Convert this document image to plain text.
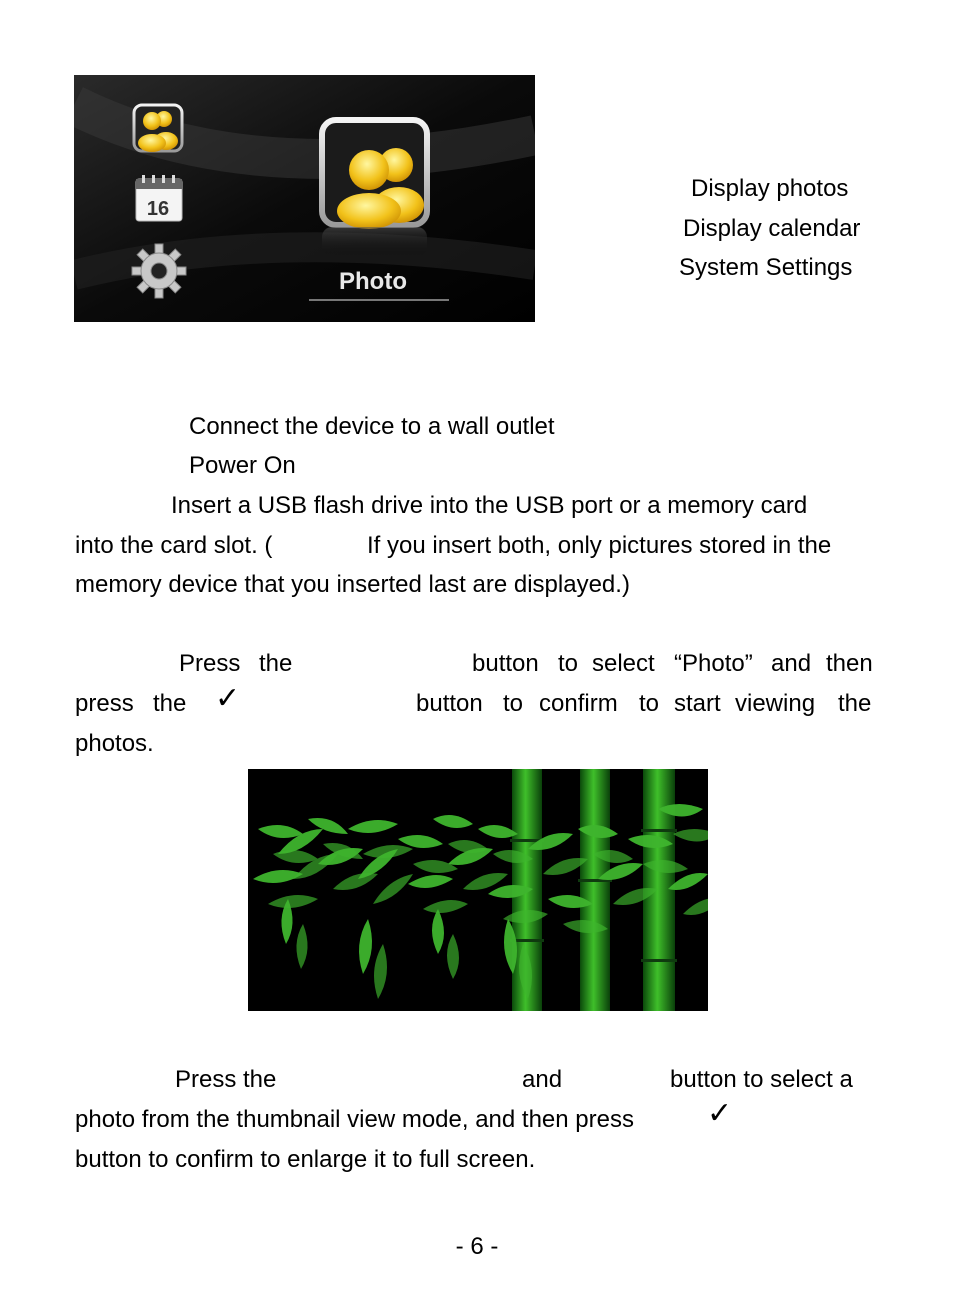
16
Photo
Display photos
Display calendar
System Settings
Connect the device to a wall outlet
Power On
Insert a USB flash drive into the USB port or a memory card
into the card slot. (	If you insert both, only pictures stored in the
memory device that you inserted last are displayed.)
Press the	button to select “Photo” and then
press the ✓	button to confirm to start viewing the
photos.
Press the	and	button to select a
photo from the thumbnail view mode, and then press ✓
button to confirm to enlarge it to full screen.
- 6 -
